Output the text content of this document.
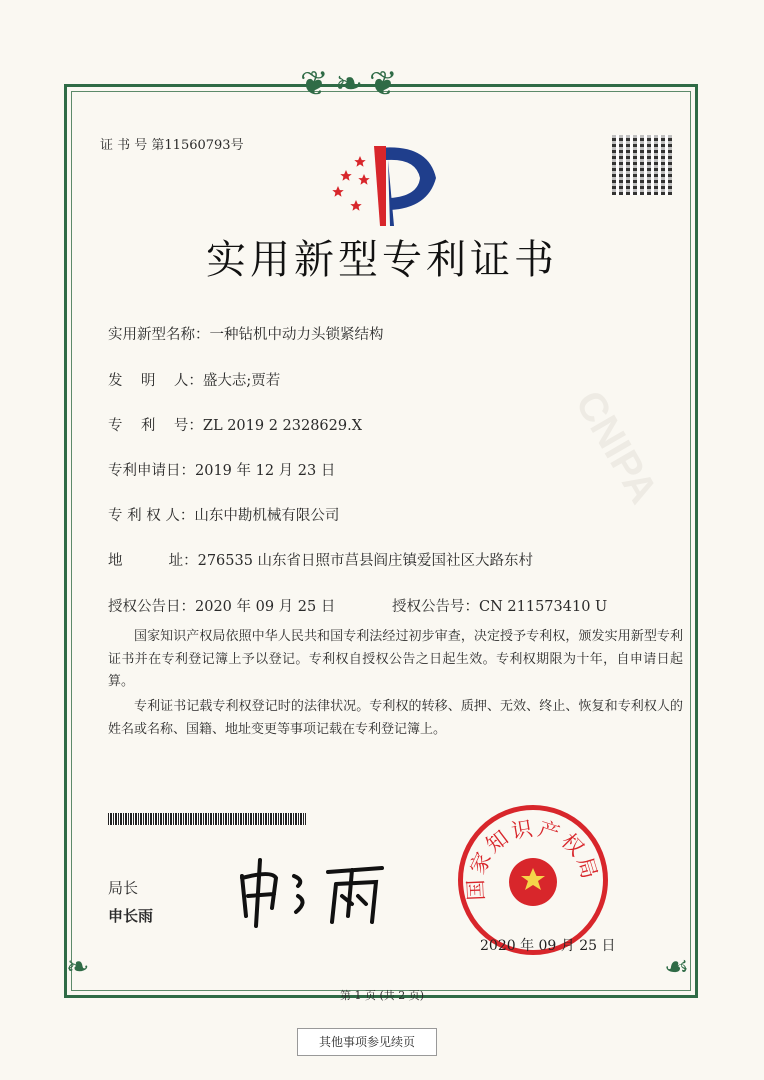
CNIPA
❦❧❦
❧	☙
证 书 号 第11560793号
实用新型专利证书
实用新型名称：一种钻机中动力头锁紧结构
发    明    人：盛大志;贾若
专    利    号：ZL 2019 2 2328629.X
专利申请日：2019 年 12 月 23 日
专 利 权 人：山东中勘机械有限公司
地          址：276535 山东省日照市莒县阎庄镇爱国社区大路东村
授权公告日：2020 年 09 月 25 日	授权公告号：CN 211573410 U
国家知识产权局依照中华人民共和国专利法经过初步审查，决定授予专利权，颁发实用新型专利证书并在专利登记簿上予以登记。专利权自授权公告之日起生效。专利权期限为十年，自申请日起算。
专利证书记载专利权登记时的法律状况。专利权的转移、质押、无效、终止、恢复和专利权人的姓名或名称、国籍、地址变更等事项记载在专利登记簿上。
局长
申长雨
国家知识产权局
2020 年 09 月 25 日
第 1 页 (共 2 页)
其他事项参见续页
